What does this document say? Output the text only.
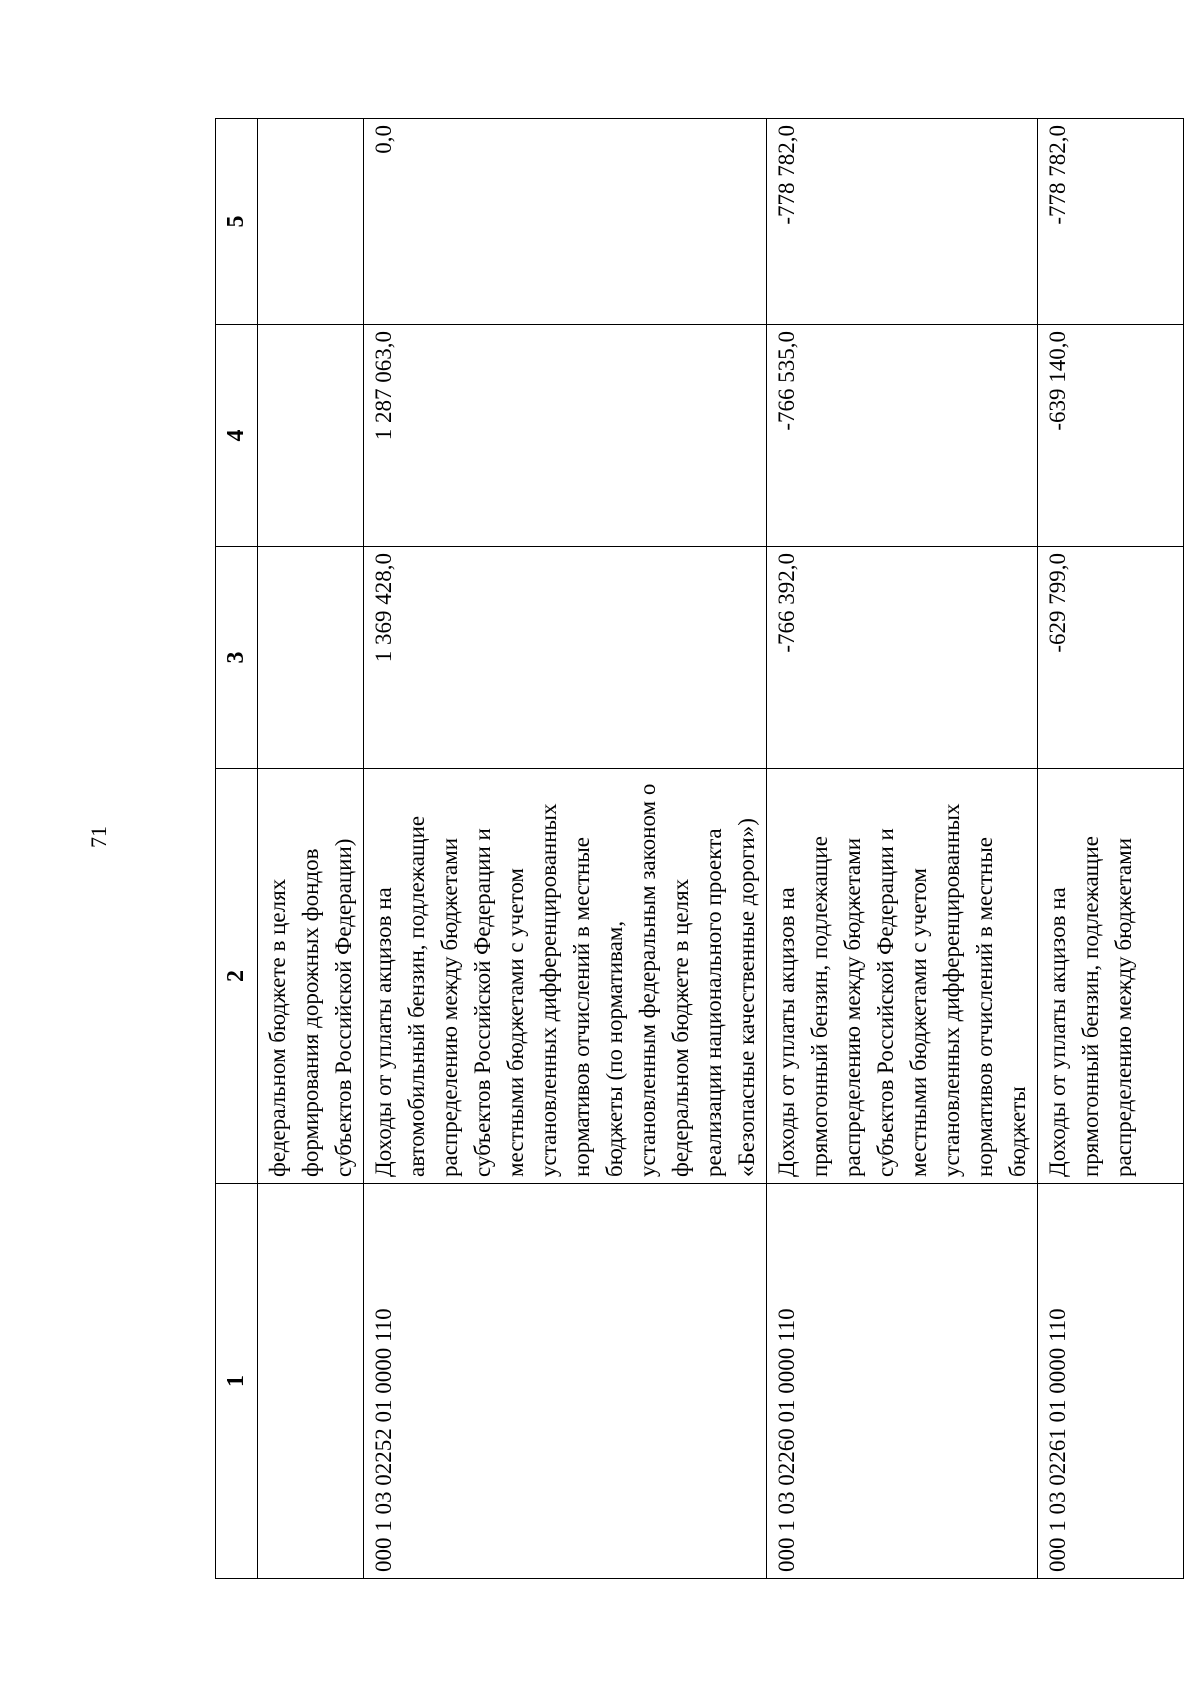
71
1	2	3	4	5
	федеральном бюджете в целях формирования дорожных фондов субъектов Российской Федерации)			
000 1 03 02252 01 0000 110	Доходы от уплаты акцизов на автомобильный бензин, подлежащие распределению между бюджетами субъектов Российской Федерации и местными бюджетами с учетом установленных дифференцированных нормативов отчислений в местные бюджеты (по нормативам, установленным федеральным законом о федеральном бюджете в целях реализации национального проекта «Безопасные качественные дороги»)	1 369 428,0	1 287 063,0	0,0
000 1 03 02260 01 0000 110	Доходы от уплаты акцизов на прямогонный бензин, подлежащие распределению между бюджетами субъектов Российской Федерации и местными бюджетами с учетом установленных дифференцированных нормативов отчислений в местные бюджеты	-766 392,0	-766 535,0	-778 782,0
000 1 03 02261 01 0000 110	Доходы от уплаты акцизов на прямогонный бензин, подлежащие распределению между бюджетами	-629 799,0	-639 140,0	-778 782,0
